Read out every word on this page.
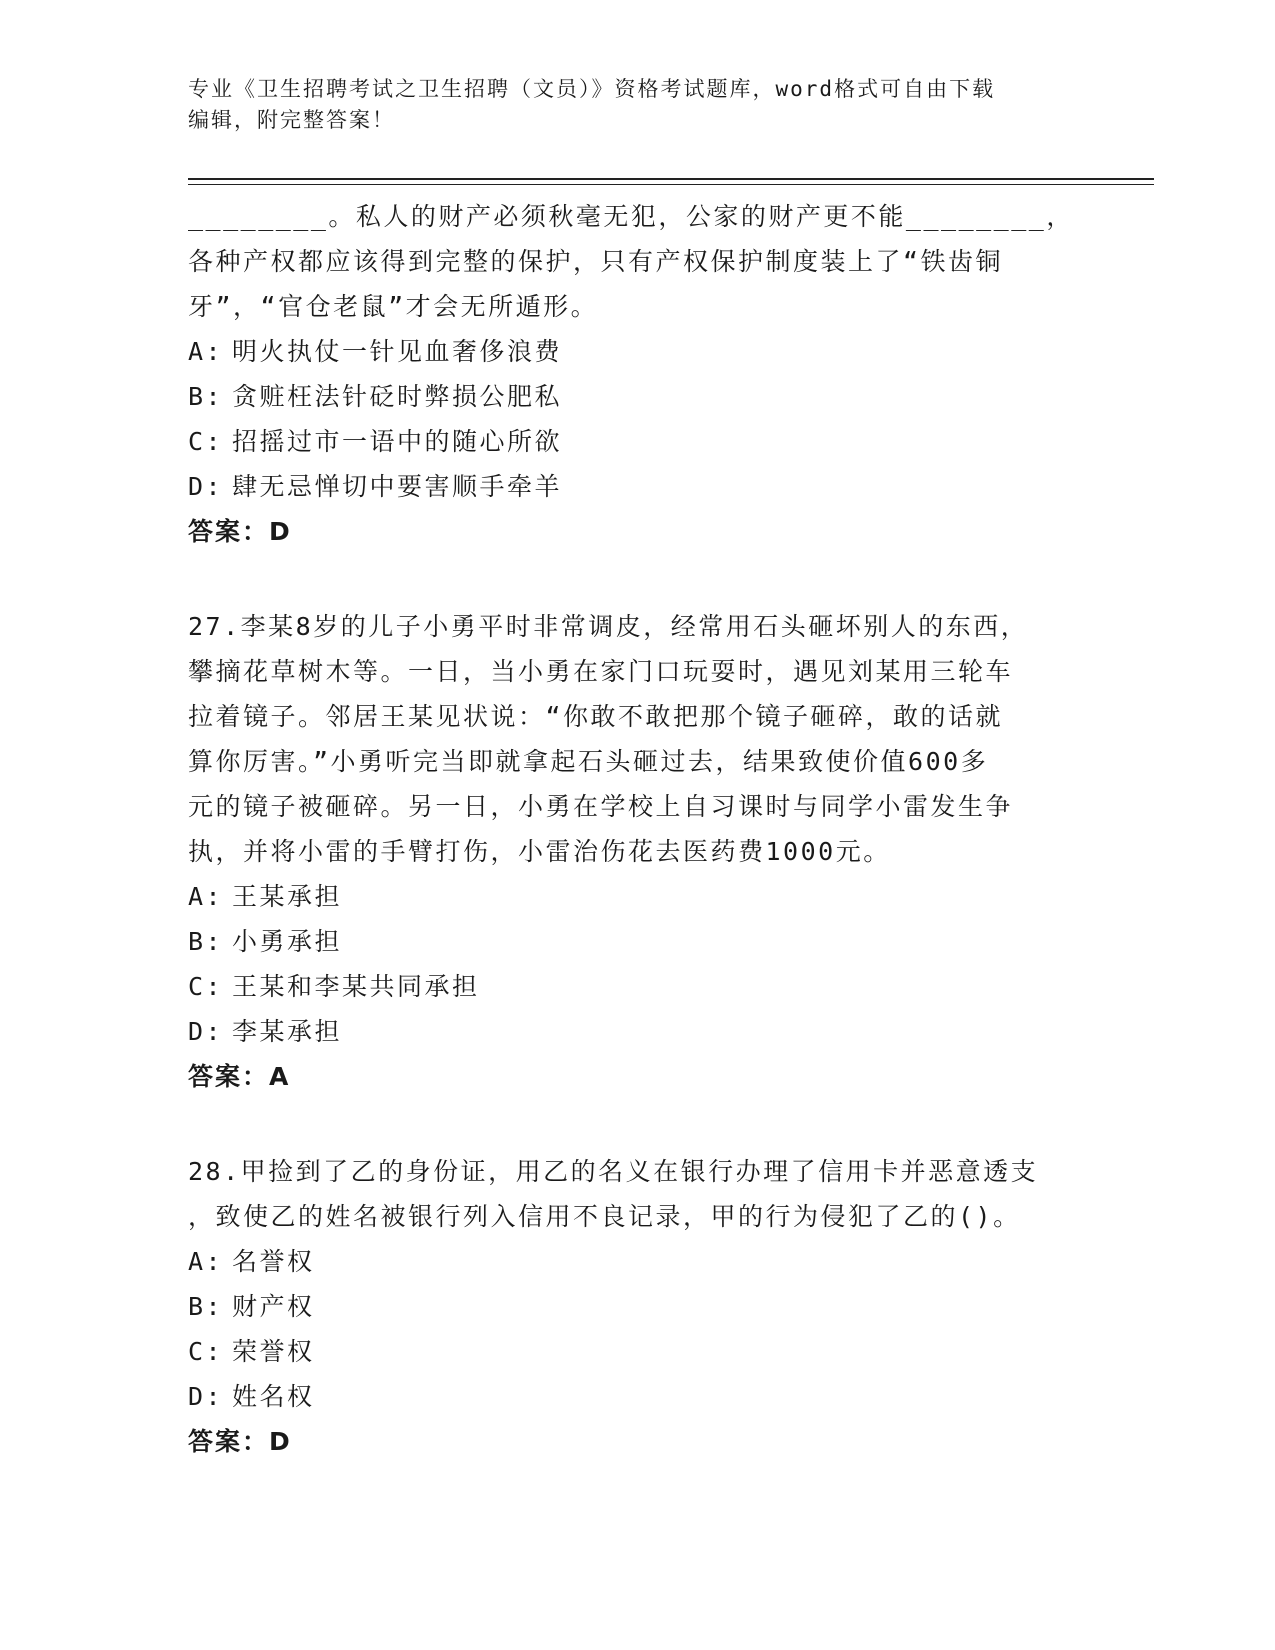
专业《卫生招聘考试之卫生招聘（文员）》资格考试题库，word格式可自由下载
编辑，附完整答案！

________。私人的财产必须秋毫无犯，公家的财产更不能________，

各种产权都应该得到完整的保护，只有产权保护制度装上了“铁齿铜

牙”，“官仓老鼠”才会无所遁形。

A: 明火执仗一针见血奢侈浪费

B: 贪赃枉法针砭时弊损公肥私

C: 招摇过市一语中的随心所欲

D: 肆无忌惮切中要害顺手牵羊

答案：D

27.李某8岁的儿子小勇平时非常调皮，经常用石头砸坏别人的东西，

攀摘花草树木等。一日，当小勇在家门口玩耍时，遇见刘某用三轮车

拉着镜子。邻居王某见状说：“你敢不敢把那个镜子砸碎，敢的话就

算你厉害。”小勇听完当即就拿起石头砸过去，结果致使价值600多

元的镜子被砸碎。另一日，小勇在学校上自习课时与同学小雷发生争

执，并将小雷的手臂打伤，小雷治伤花去医药费1000元。

A: 王某承担

B: 小勇承担

C: 王某和李某共同承担

D: 李某承担

答案：A

28.甲捡到了乙的身份证，用乙的名义在银行办理了信用卡并恶意透支

，致使乙的姓名被银行列入信用不良记录，甲的行为侵犯了乙的()。

A: 名誉权

B: 财产权

C: 荣誉权

D: 姓名权

答案：D
